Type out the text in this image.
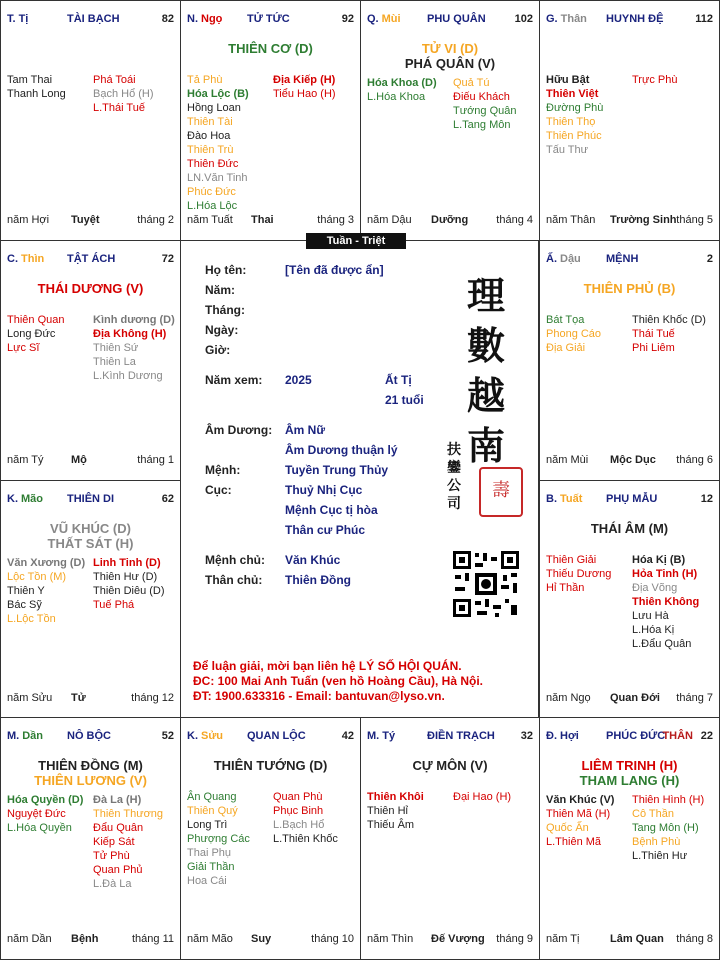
T. Tị	TÀI BẠCH	82
Tam Thai
Thanh Long
Phá Toái
Bạch Hổ (H)
L.Thái Tuế
năm Hợi Tuyệt	tháng 2
N. Ngọ TỬ TỨC	92
THIÊN CƠ (D)
Tả Phù
Hóa Lộc (B)
Hồng Loan
Thiên Tài
Đào Hoa
Thiên Trù
Thiên Đức
LN.Văn Tinh
Phúc Đức
L.Hóa Lộc
Địa Kiếp (H)
Tiểu Hao (H)
năm Tuất Thai	tháng 3
Q. Mùi PHU QUÂN	102
TỬ VI (D)
PHÁ QUÂN (V)
Hóa Khoa (D)
L.Hóa Khoa
Quả Tú
Điếu Khách
Tướng Quân
L.Tang Môn
năm Dậu Dưỡng	tháng 4
G. Thân HUYNH ĐỆ	112
Hữu Bật
Thiên Việt
Đường Phù
Thiên Thọ
Thiên Phúc
Tấu Thư
Trực Phù
năm Thân Trường Sinh tháng 5
C. Thìn TẬT ÁCH	72
THÁI DƯƠNG (V)
Thiên Quan
Long Đức
Lực Sĩ
Kình dương (D)
Địa Không (H)
Thiên Sứ
Thiên La
L.Kình Dương
năm Tý	Mộ	tháng 1
Ấ. Dậu MỆNH	2
THIÊN PHỦ (B)
Bát Tọa
Phong Cáo
Địa Giải
Thiên Khốc (D)
Thái Tuế
Phi Liêm
năm Mùi Mộc Dục tháng 6
K. Mão THIÊN DI	62
VŨ KHÚC (D)
THẤT SÁT (H)
Văn Xương (D)
Lộc Tồn (M)
Thiên Y
Bác Sỹ
L.Lộc Tồn
Linh Tinh (D)
Thiên Hư (D)
Thiên Diêu (D)
Tuế Phá
năm Sửu Tử	tháng 12
B. Tuất PHỤ MẪU	12
THÁI ÂM (M)
Thiên Giải
Thiếu Dương
Hỉ Thần
Hóa Kị (B)
Hỏa Tinh (H)
Địa Võng
Thiên Không
Lưu Hà
L.Hóa Kị
L.Đẩu Quân
năm Ngọ Quan Đới tháng 7
M. Dần NÔ BỘC	52
THIÊN ĐỒNG (M)
THIÊN LƯƠNG (V)
Hóa Quyền (D)
Nguyệt Đức
L.Hóa Quyền
Đà La (H)
Thiên Thương
Đẩu Quân
Kiếp Sát
Tử Phù
Quan Phủ
L.Đà La
năm Dần Bệnh	tháng 11
K. Sửu QUAN LỘC	42
THIÊN TƯỚNG (D)
Ân Quang
Thiên Quý
Long Trì
Phượng Các
Thai Phụ
Giải Thần
Hoa Cái
Quan Phù
Phục Binh
L.Bạch Hổ
L.Thiên Khốc
năm Mão Suy	tháng 10
M. Tý	ĐIỀN TRẠCH 32
CỰ MÔN (V)
Thiên Khôi
Thiên Hỉ
Thiếu Âm
Đại Hao (H)
năm Thìn Đế Vượng tháng 9
Đ. Hợi PHÚC ĐỨC	22
THÂN
LIÊM TRINH (H)
THAM LANG (H)
Văn Khúc (V)
Thiên Mã (H)
Quốc Ấn
L.Thiên Mã
Thiên Hình (H)
Cô Thần
Tang Môn (H)
Bệnh Phù
L.Thiên Hư
năm Tị	Lâm Quan tháng 8
Họ tên:	[Tên đã được ẩn]
Năm:
Tháng:
Ngày:
Giờ:
Năm xem: 2025	Ất Tị
21 tuổi
Âm Dương: Âm Nữ
Âm Dương thuận lý
Mệnh:	Tuyền Trung Thủy
Cục:	Thuỷ Nhị Cục
Mệnh Cục tị hòa
Thân cư Phúc
Mệnh chủ: Văn Khúc
Thân chủ: Thiên Đồng
理
數
越
南
扶
鑾
公
司
壽
Để luận giải, mời bạn liên hệ LÝ SỐ HỘI QUÁN.
ĐC: 100 Mai Anh Tuấn (ven hồ Hoàng Cầu), Hà Nội.
ĐT: 1900.633316 - Email: bantuvan@lyso.vn.
Tuần - Triệt
